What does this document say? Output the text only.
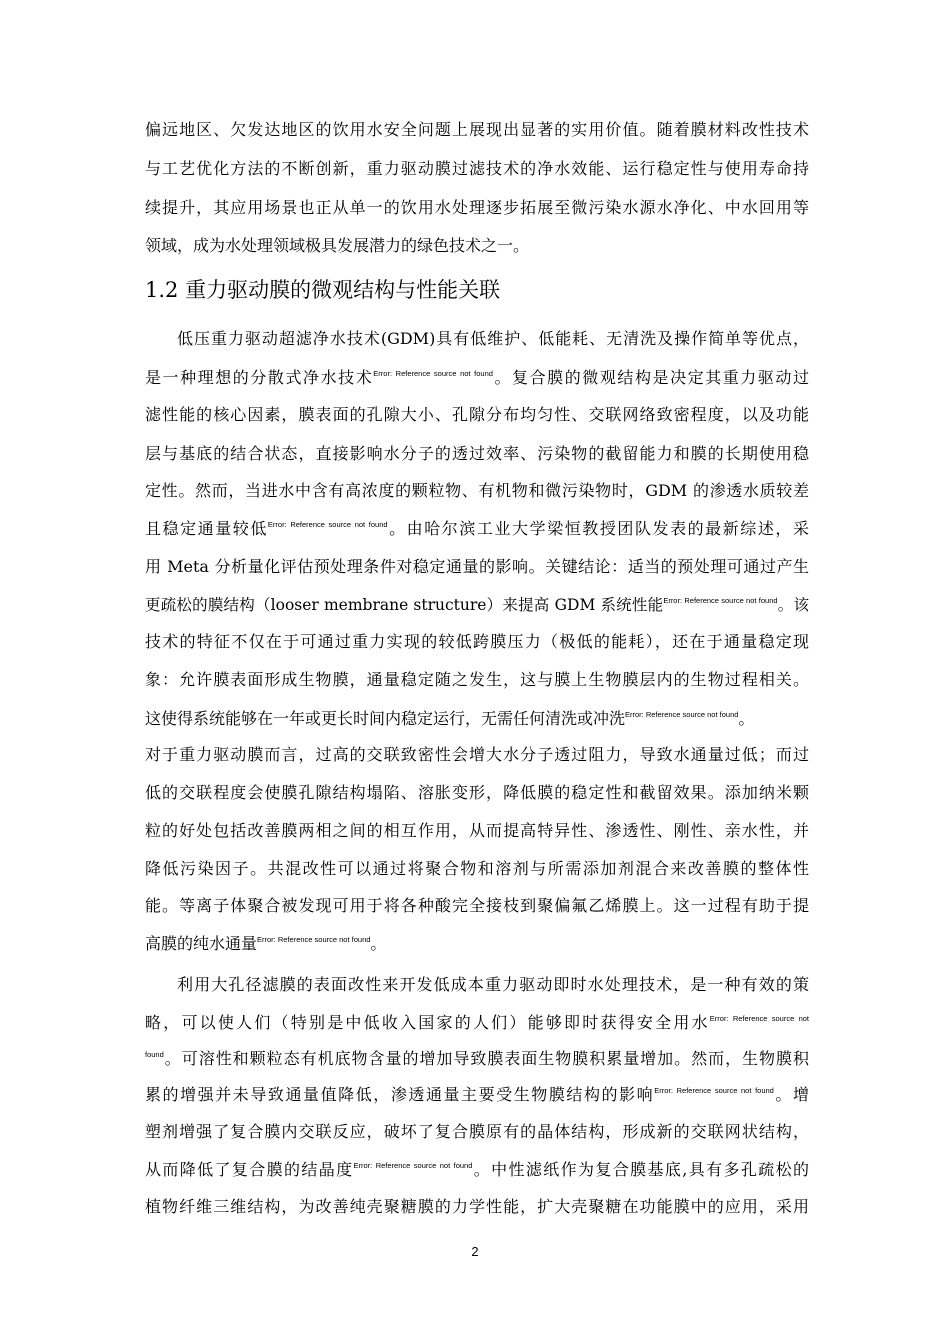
偏远地区、欠发达地区的饮用水安全问题上展现出显著的实用价值。随着膜材料改性技术
与工艺优化方法的不断创新，重力驱动膜过滤技术的净水效能、运行稳定性与使用寿命持
续提升，其应用场景也正从单一的饮用水处理逐步拓展至微污染水源水净化、中水回用等
领域，成为水处理领域极具发展潜力的绿色技术之一。
1.2 重力驱动膜的微观结构与性能关联
低压重力驱动超滤净水技术(GDM)具有低维护、低能耗、无清洗及操作简单等优点，
是一种理想的分散式净水技术$^{Error: Reference source not found}$。复合膜的微观结构是决定其重力驱动过
滤性能的核心因素，膜表面的孔隙大小、孔隙分布均匀性、交联网络致密程度，以及功能
层与基底的结合状态，直接影响水分子的透过效率、污染物的截留能力和膜的长期使用稳
定性。然而，当进水中含有高浓度的颗粒物、有机物和微污染物时，GDM 的渗透水质较差
且稳定通量较低$^{Error: Reference source not found}$。由哈尔滨工业大学梁恒教授团队发表的最新综述，采
用 Meta 分析量化评估预处理条件对稳定通量的影响。关键结论：适当的预处理可通过产生
更疏松的膜结构（looser membrane structure）来提高 GDM 系统性能$^{Error: Reference source not found}$。该
技术的特征不仅在于可通过重力实现的较低跨膜压力（极低的能耗），还在于通量稳定现
象：允许膜表面形成生物膜，通量稳定随之发生，这与膜上生物膜层内的生物过程相关。
这使得系统能够在一年或更长时间内稳定运行，无需任何清洗或冲洗$^{Error: Reference source not found}$。
对于重力驱动膜而言，过高的交联致密性会增大水分子透过阻力，导致水通量过低；而过
低的交联程度会使膜孔隙结构塌陷、溶胀变形，降低膜的稳定性和截留效果。添加纳米颗
粒的好处包括改善膜两相之间的相互作用，从而提高特异性、渗透性、刚性、亲水性，并
降低污染因子。共混改性可以通过将聚合物和溶剂与所需添加剂混合来改善膜的整体性
能。等离子体聚合被发现可用于将各种酸完全接枝到聚偏氟乙烯膜上。这一过程有助于提
高膜的纯水通量$^{Error: Reference source not found}$。
利用大孔径滤膜的表面改性来开发低成本重力驱动即时水处理技术，是一种有效的策
略，可以使人们（特别是中低收入国家的人们）能够即时获得安全用水$^{Error: Reference source not}$
$^{found}$。可溶性和颗粒态有机底物含量的增加导致膜表面生物膜积累量增加。然而，生物膜积
累的增强并未导致通量值降低，渗透通量主要受生物膜结构的影响$^{Error: Reference source not found}$。增
塑剂增强了复合膜内交联反应，破坏了复合膜原有的晶体结构，形成新的交联网状结构，
从而降低了复合膜的结晶度$^{Error: Reference source not found}$。中性滤纸作为复合膜基底,具有多孔疏松的
植物纤维三维结构，为改善纯壳聚糖膜的力学性能，扩大壳聚糖在功能膜中的应用，采用
2
